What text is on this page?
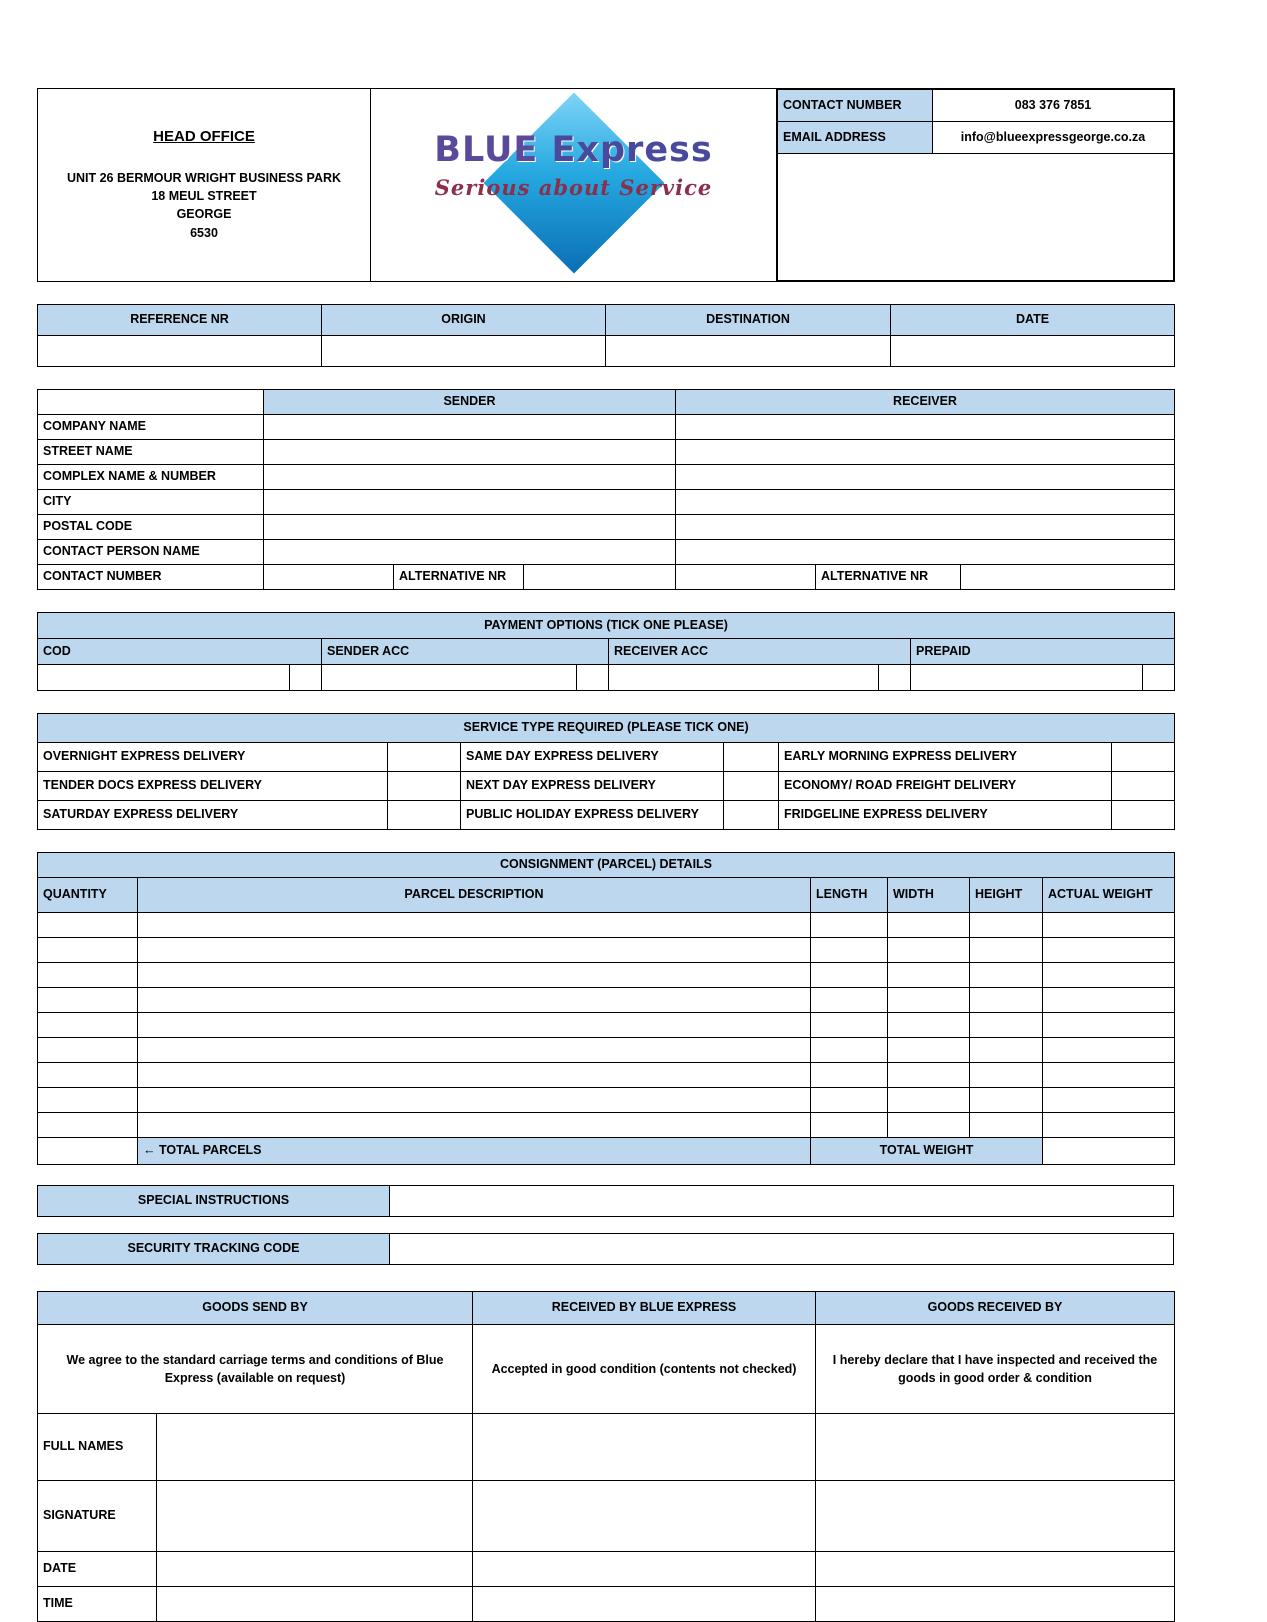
HEAD OFFICE
UNIT 26 BERMOUR WRIGHT BUSINESS PARK
18 MEUL STREET
GEORGE
6530

BLUE Express
Serious about Service

CONTACT NUMBER	083 376 7851
EMAIL ADDRESS	info@blueexpressgeorge.co.za

REFERENCE NR	ORIGIN	DESTINATION	DATE

	SENDER			RECEIVER		
COMPANY NAME						
STREET NAME						
COMPLEX NAME & NUMBER						
CITY						
POSTAL CODE						
CONTACT PERSON NAME						
CONTACT NUMBER		ALTERNATIVE NR			ALTERNATIVE NR	
PAYMENT OPTIONS (TICK ONE PLEASE)							
COD		SENDER ACC		RECEIVER ACC		PREPAID	

SERVICE TYPE REQUIRED (PLEASE TICK ONE)					
OVERNIGHT EXPRESS DELIVERY		SAME DAY EXPRESS DELIVERY		EARLY MORNING EXPRESS DELIVERY	
TENDER DOCS EXPRESS DELIVERY		NEXT DAY EXPRESS DELIVERY		ECONOMY/ ROAD FREIGHT DELIVERY	
SATURDAY EXPRESS DELIVERY		PUBLIC HOLIDAY EXPRESS DELIVERY		FRIDGELINE EXPRESS DELIVERY	
CONSIGNMENT (PARCEL) DETAILS					
QUANTITY	PARCEL DESCRIPTION	LENGTH	WIDTH	HEIGHT	ACTUAL WEIGHT

	← TOTAL PARCELS	TOTAL WEIGHT			
SPECIAL INSTRUCTIONS	
SECURITY TRACKING CODE	
GOODS SEND BY		RECEIVED BY BLUE EXPRESS	GOODS RECEIVED BY
We agree to the standard carriage terms and conditions of Blue Express (available on request)		Accepted in good condition (contents not checked)	I hereby declare that I have inspected and received the goods in good order & condition
FULL NAMES			
SIGNATURE			
DATE			
TIME			
